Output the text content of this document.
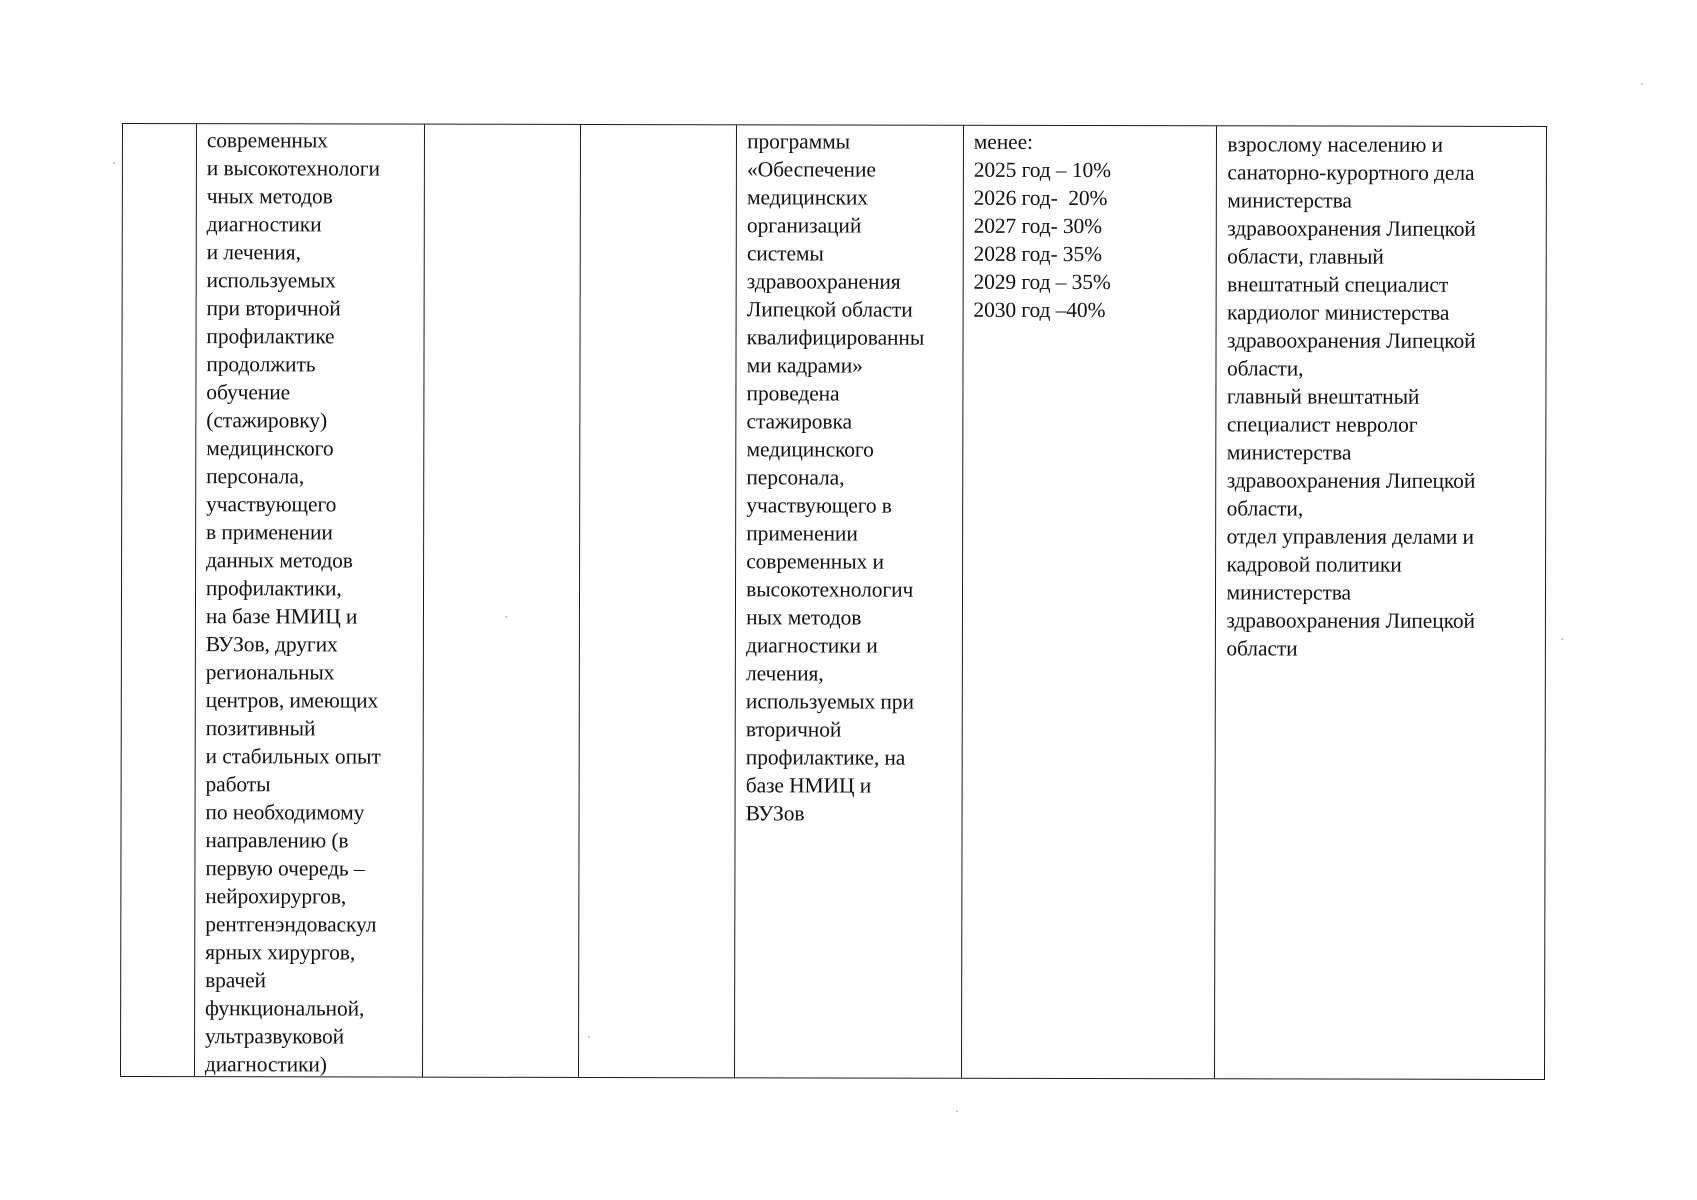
современных
и высокотехнологи
чных методов
диагностики
и лечения,
используемых
при вторичной
профилактике
продолжить
обучение
(стажировку)
медицинского
персонала,
участвующего
в применении
данных методов
профилактики,
на базе НМИЦ и
ВУЗов, других
региональных
центров, имеющих
позитивный
и стабильных опыт
работы
по необходимому
направлению (в
первую очередь –
нейрохирургов,
рентгенэндоваскул
ярных хирургов,
врачей
функциональной,
ультразвуковой
диагностики)
программы
«Обеспечение
медицинских
организаций
системы
здравоохранения
Липецкой области
квалифицированны
ми кадрами»
проведена
стажировка
медицинского
персонала,
участвующего в
применении
современных и
высокотехнологич
ных методов
диагностики и
лечения,
используемых при
вторичной
профилактике, на
базе НМИЦ и
ВУЗов
менее:
2025 год – 10%
2026 год-  20%
2027 год- 30%
2028 год- 35%
2029 год – 35%
2030 год –40%
взрослому населению и
санаторно-курортного дела
министерства
здравоохранения Липецкой
области, главный
внештатный специалист
кардиолог министерства
здравоохранения Липецкой
области,
главный внештатный
специалист невролог
министерства
здравоохранения Липецкой
области,
отдел управления делами и
кадровой политики
министерства
здравоохранения Липецкой
области
